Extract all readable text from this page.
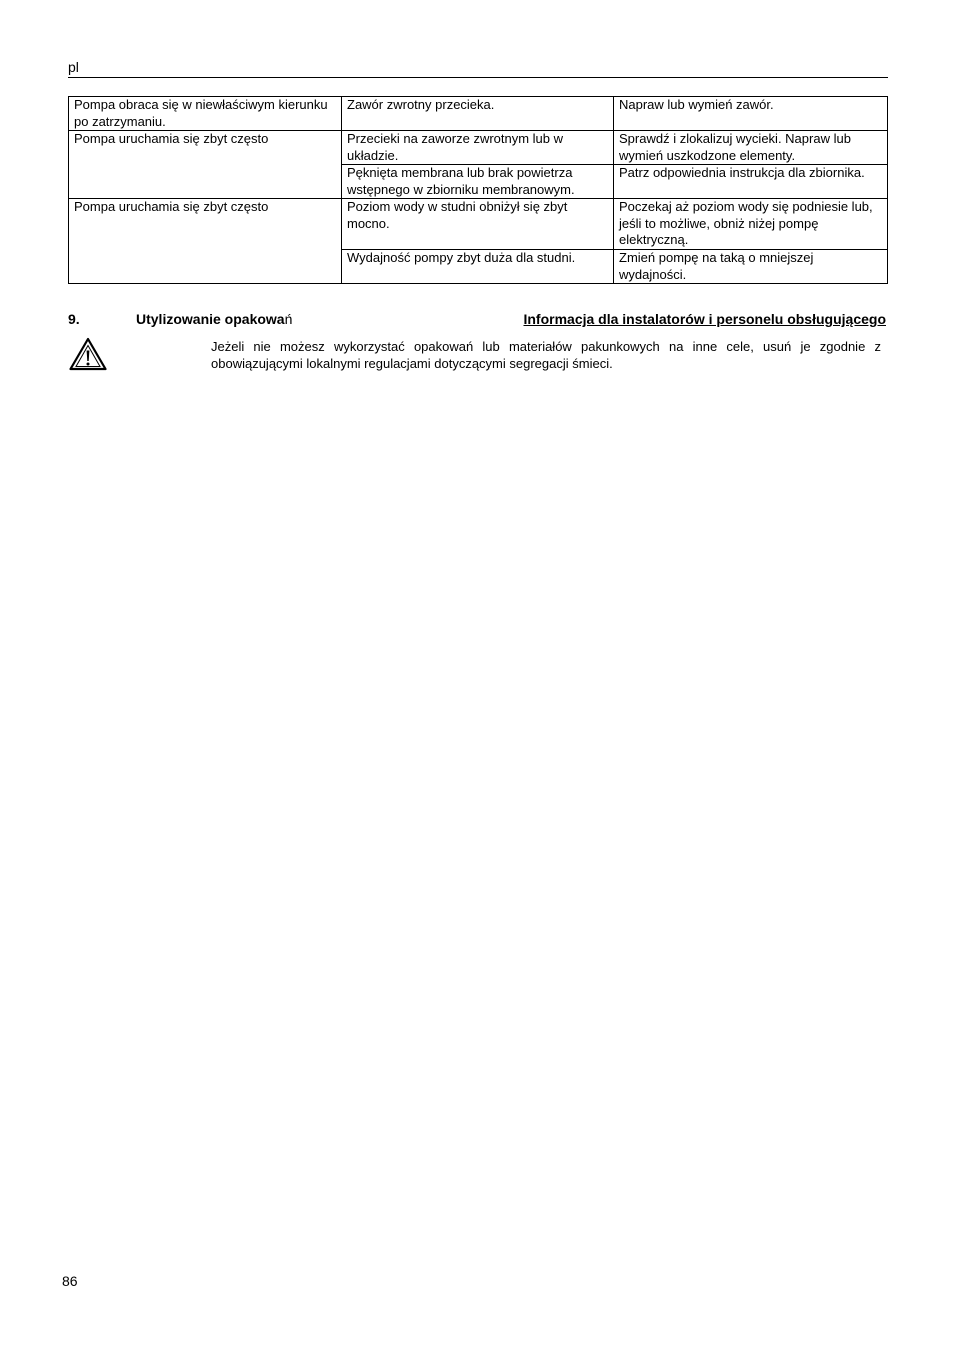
pl
Pompa obraca się w niewłaściwym kierunku po zatrzymaniu.	Zawór zwrotny przecieka.	Napraw lub wymień zawór.
Pompa uruchamia się zbyt często	Przecieki na zaworze zwrotnym lub w układzie.	Sprawdź i zlokalizuj wycieki. Napraw lub wymień uszkodzone elementy.
	Pęknięta membrana lub brak powietrza wstępnego w zbiorniku membranowym.	Patrz odpowiednia instrukcja dla zbiornika.
Pompa uruchamia się zbyt często	Poziom wody w studni obniżył się zbyt mocno.	Poczekaj aż poziom wody się podniesie lub, jeśli to możliwe, obniż niżej pompę elektryczną.
	Wydajność pompy zbyt duża dla studni.	Zmień pompę na taką o mniejszej wydajności.
9.	Utylizowanie opakowań	Informacja dla instalatorów i personelu obsługującego
Jeżeli nie możesz wykorzystać opakowań lub materiałów pakunkowych na inne cele, usuń je zgodnie z obowiązującymi lokalnymi regulacjami dotyczącymi segregacji śmieci.
86
